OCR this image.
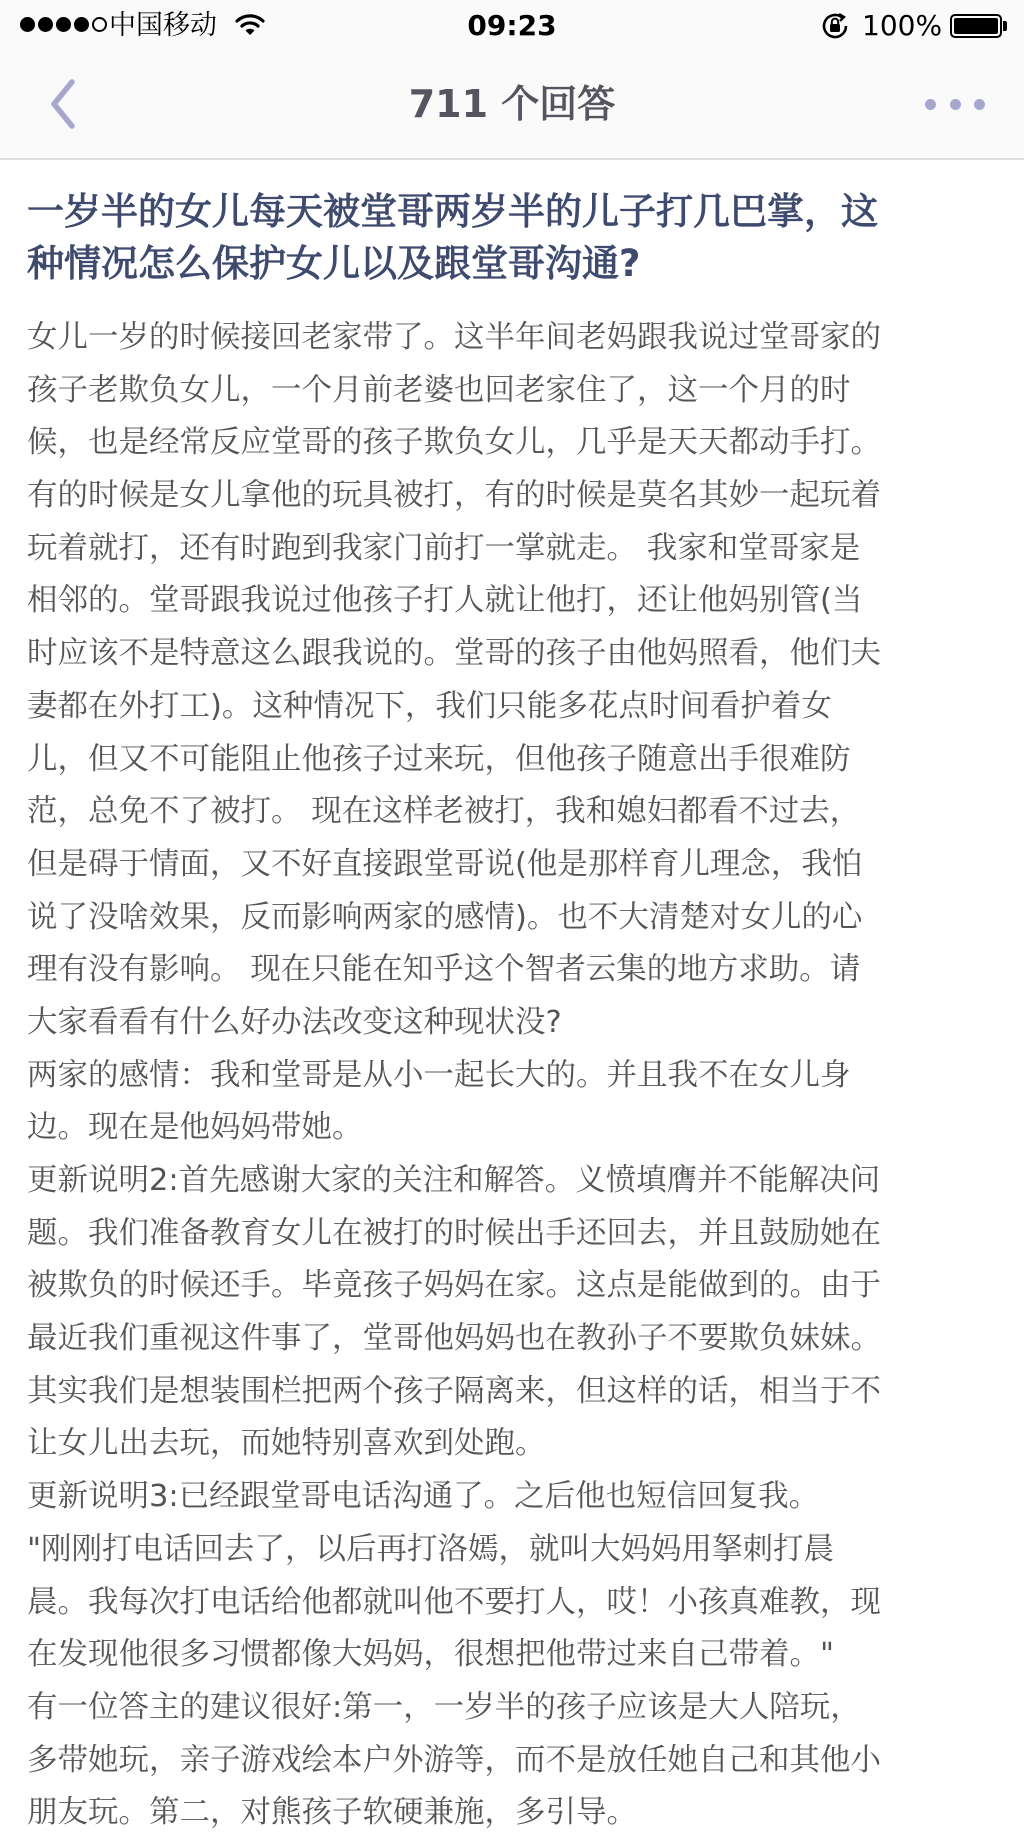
中国移动	09:23	100%
711 个回答
一岁半的女儿每天被堂哥两岁半的儿子打几巴掌，这
种情况怎么保护女儿以及跟堂哥沟通?
女儿一岁的时候接回老家带了。这半年间老妈跟我说过堂哥家的
孩子老欺负女儿，一个月前老婆也回老家住了，这一个月的时
候，也是经常反应堂哥的孩子欺负女儿，几乎是天天都动手打。
有的时候是女儿拿他的玩具被打，有的时候是莫名其妙一起玩着
玩着就打，还有时跑到我家门前打一掌就走。 我家和堂哥家是
相邻的。堂哥跟我说过他孩子打人就让他打，还让他妈别管(当
时应该不是特意这么跟我说的。堂哥的孩子由他妈照看，他们夫
妻都在外打工)。这种情况下，我们只能多花点时间看护着女
儿，但又不可能阻止他孩子过来玩，但他孩子随意出手很难防
范，总免不了被打。 现在这样老被打，我和媳妇都看不过去，
但是碍于情面，又不好直接跟堂哥说(他是那样育儿理念，我怕
说了没啥效果，反而影响两家的感情)。也不大清楚对女儿的心
理有没有影响。 现在只能在知乎这个智者云集的地方求助。请
大家看看有什么好办法改变这种现状没?
两家的感情：我和堂哥是从小一起长大的。并且我不在女儿身
边。现在是他妈妈带她。
更新说明2:首先感谢大家的关注和解答。义愤填膺并不能解决问
题。我们准备教育女儿在被打的时候出手还回去，并且鼓励她在
被欺负的时候还手。毕竟孩子妈妈在家。这点是能做到的。由于
最近我们重视这件事了，堂哥他妈妈也在教孙子不要欺负妹妹。
其实我们是想装围栏把两个孩子隔离来，但这样的话，相当于不
让女儿出去玩，而她特别喜欢到处跑。
更新说明3:已经跟堂哥电话沟通了。之后他也短信回复我。
"刚刚打电话回去了，以后再打洛嫣，就叫大妈妈用拏刺打晨
晨。我每次打电话给他都就叫他不要打人，哎！小孩真难教，现
在发现他很多习惯都像大妈妈，很想把他带过来自己带着。"
有一位答主的建议很好:第一，一岁半的孩子应该是大人陪玩，
多带她玩，亲子游戏绘本户外游等，而不是放任她自己和其他小
朋友玩。第二，对熊孩子软硬兼施，多引导。
